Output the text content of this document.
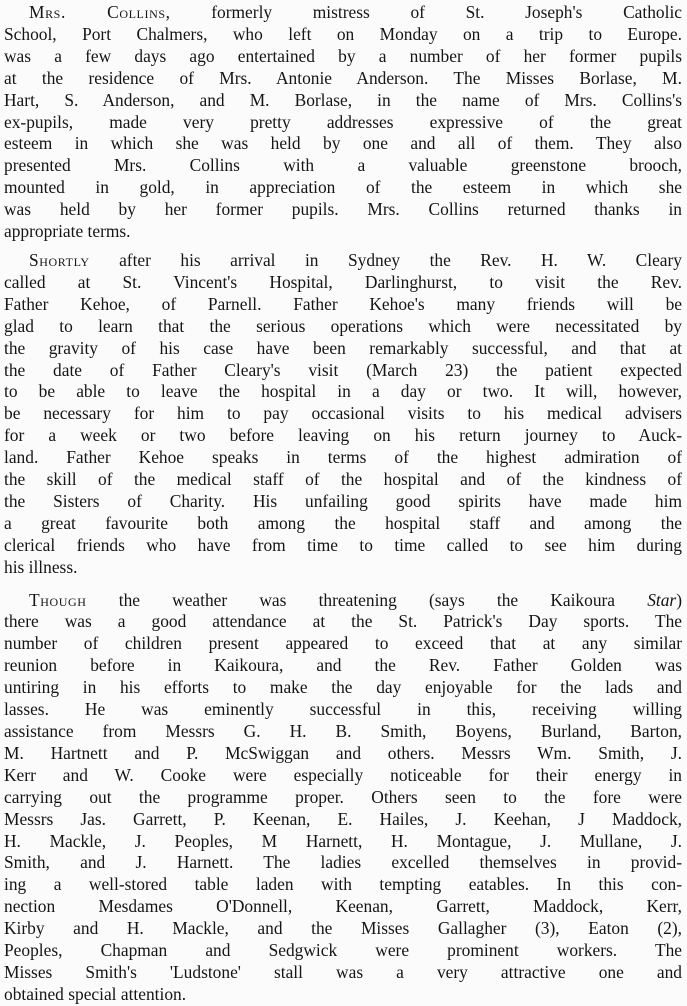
Mrs. Collins, formerly mistress of St. Joseph's Catholic
School, Port Chalmers, who left on Monday on a trip to Europe.
was a few days ago entertained by a number of her former pupils
at the residence of Mrs. Antonie Anderson. The Misses Borlase, M.
Hart, S. Anderson, and M. Borlase, in the name of Mrs. Collins's
ex-pupils, made very pretty addresses expressive of the great
esteem in which she was held by one and all of them. They also
presented Mrs. Collins with a valuable greenstone brooch,
mounted in gold, in appreciation of the esteem in which she
was held by her former pupils. Mrs. Collins returned thanks in
appropriate terms.

Shortly after his arrival in Sydney the Rev. H. W. Cleary
called at St. Vincent's Hospital, Darlinghurst, to visit the Rev.
Father Kehoe, of Parnell. Father Kehoe's many friends will be
glad to learn that the serious operations which were necessitated by
the gravity of his case have been remarkably successful, and that at
the date of Father Cleary's visit (March 23) the patient expected
to be able to leave the hospital in a day or two. It will, however,
be necessary for him to pay occasional visits to his medical advisers
for a week or two before leaving on his return journey to Auck-
land. Father Kehoe speaks in terms of the highest admiration of
the skill of the medical staff of the hospital and of the kindness of
the Sisters of Charity. His unfailing good spirits have made him
a great favourite both among the hospital staff and among the
clerical friends who have from time to time called to see him during
his illness.

Though the weather was threatening (says the Kaikoura Star)
there was a good attendance at the St. Patrick's Day sports. The
number of children present appeared to exceed that at any similar
reunion before in Kaikoura, and the Rev. Father Golden was
untiring in his efforts to make the day enjoyable for the lads and
lasses. He was eminently successful in this, receiving willing
assistance from Messrs G. H. B. Smith, Boyens, Burland, Barton,
M. Hartnett and P. McSwiggan and others. Messrs Wm. Smith, J.
Kerr and W. Cooke were especially noticeable for their energy in
carrying out the programme proper. Others seen to the fore were
Messrs Jas. Garrett, P. Keenan, E. Hailes, J. Keehan, J Maddock,
H. Mackle, J. Peoples, M Harnett, H. Montague, J. Mullane, J.
Smith, and J. Harnett. The ladies excelled themselves in provid-
ing a well-stored table laden with tempting eatables. In this con-
nection Mesdames O'Donnell, Keenan, Garrett, Maddock, Kerr,
Kirby and H. Mackle, and the Misses Gallagher (3), Eaton (2),
Peoples, Chapman and Sedgwick were prominent workers. The
Misses Smith's 'Ludstone' stall was a very attractive one and
obtained special attention.
